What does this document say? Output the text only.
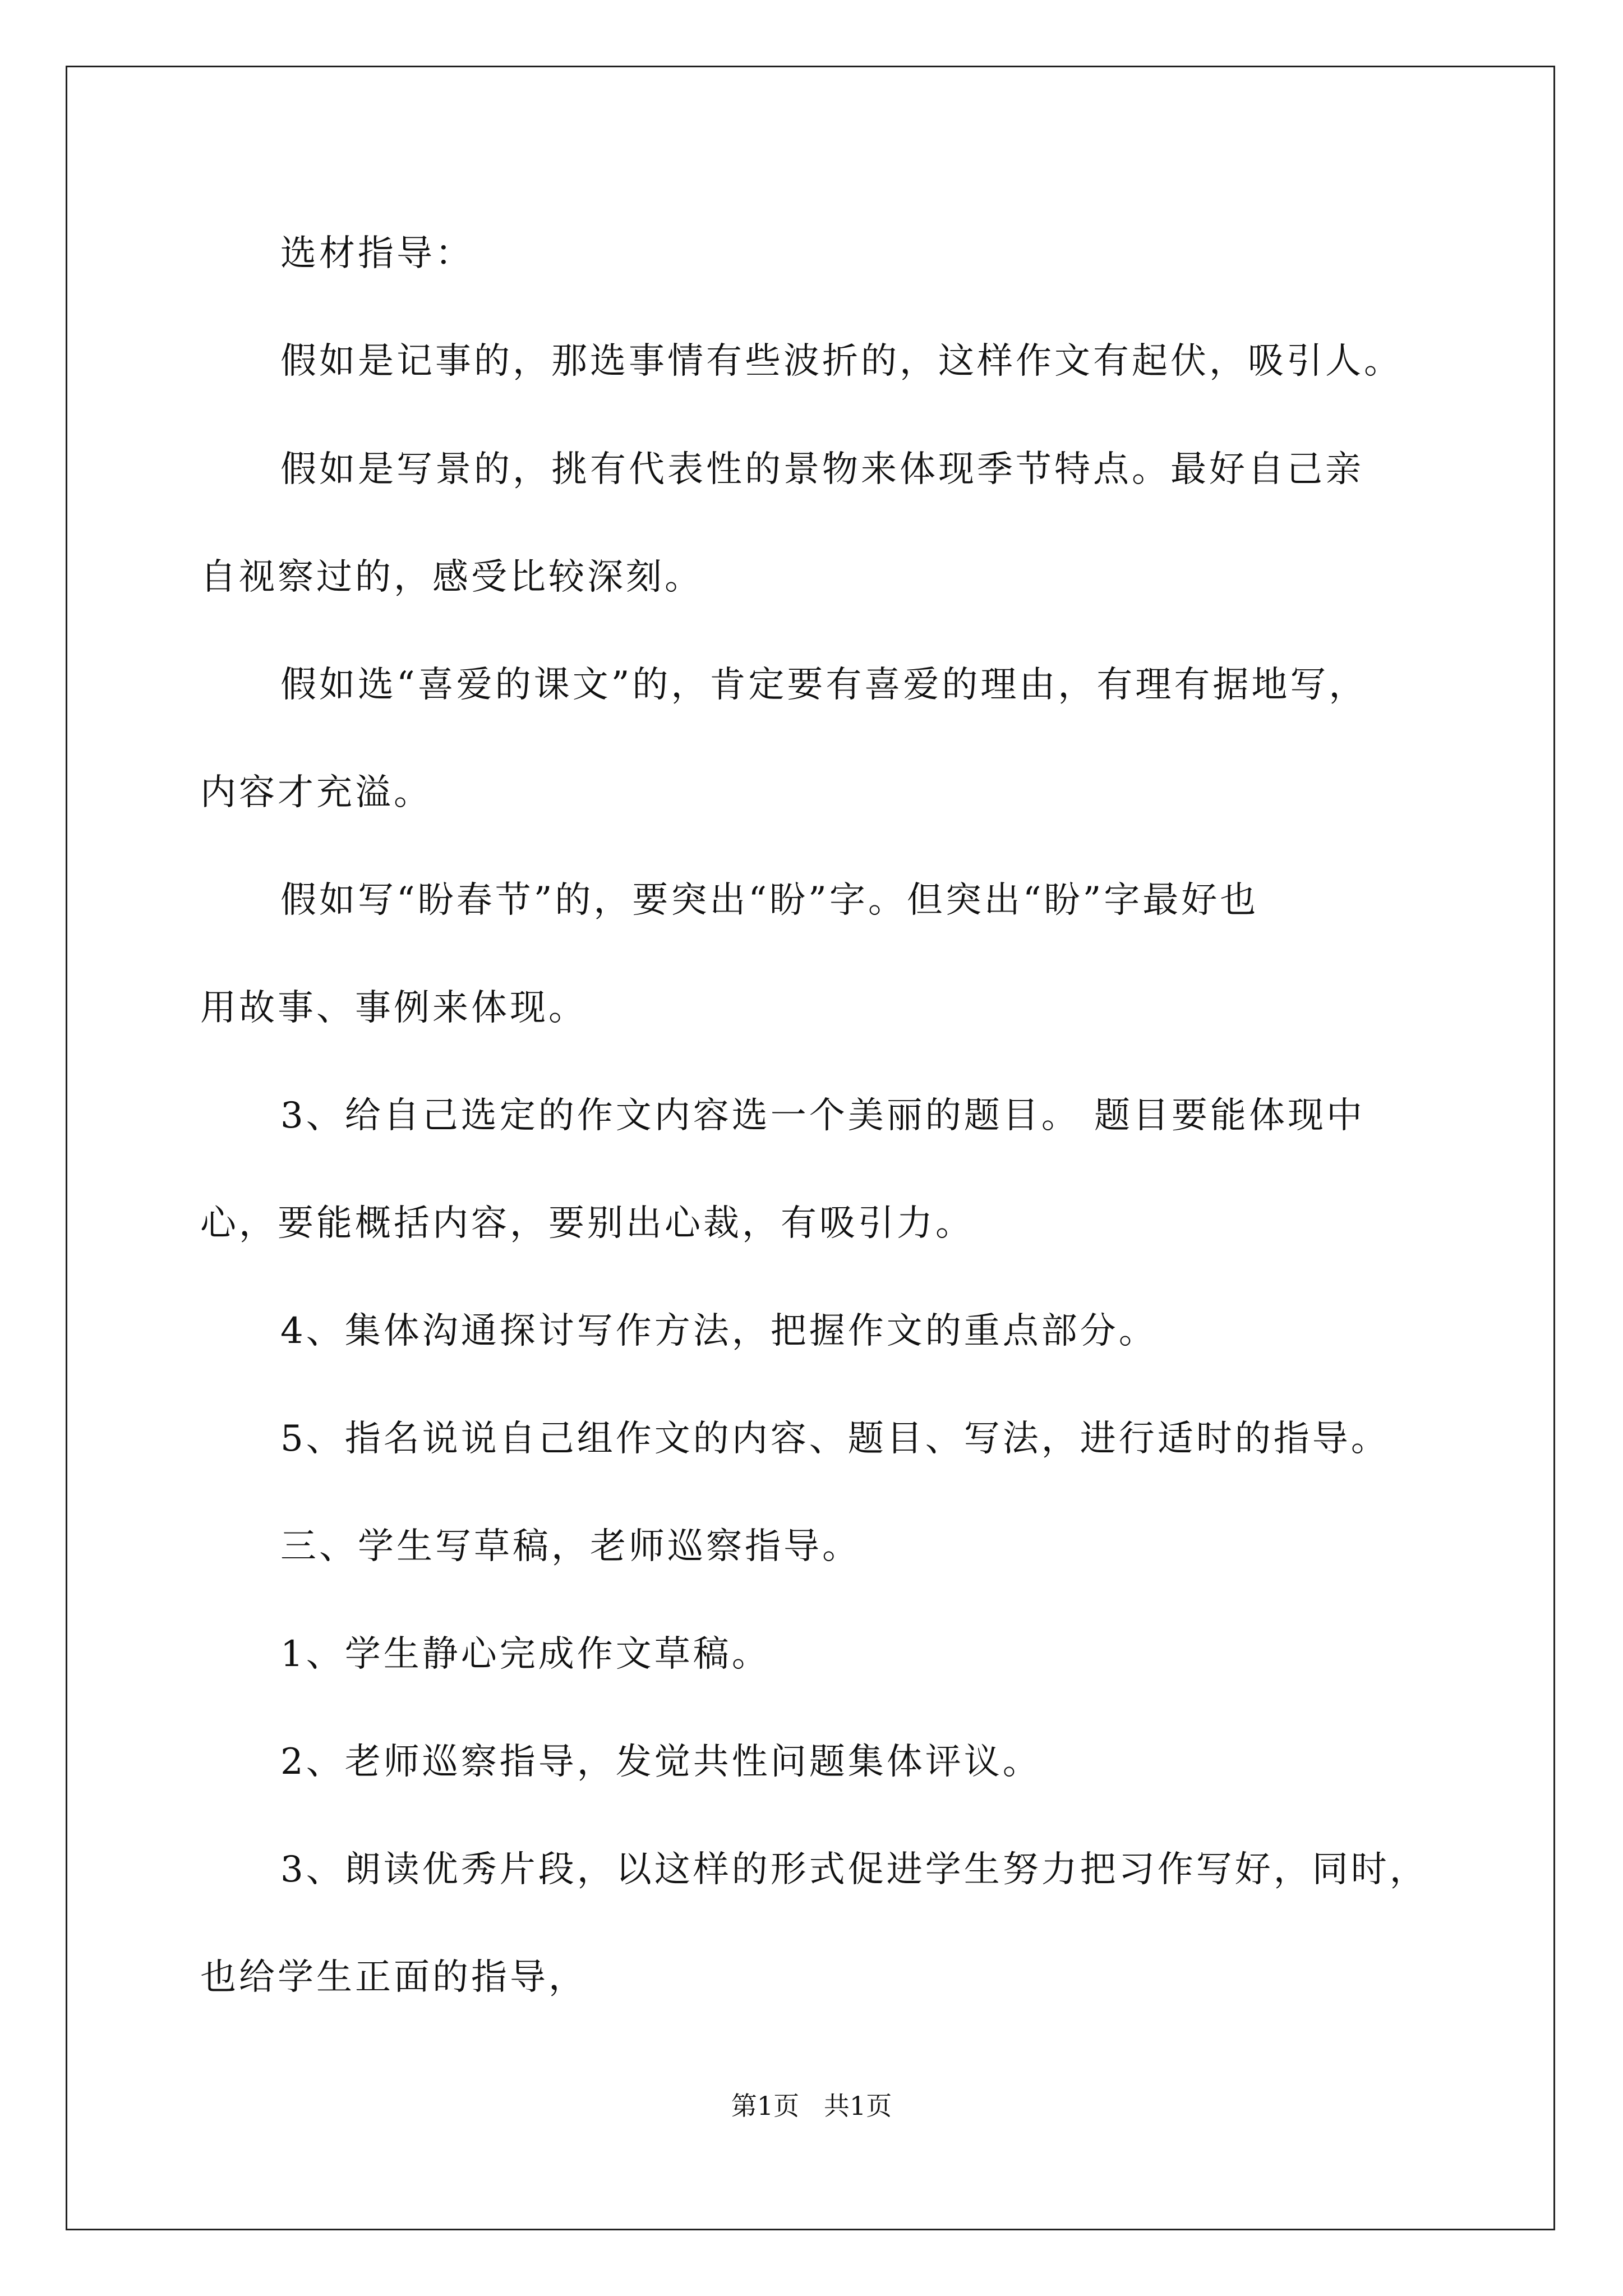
选材指导：
假如是记事的，那选事情有些波折的，这样作文有起伏，吸引人。
假如是写景的，挑有代表性的景物来体现季节特点。最好自己亲
自视察过的，感受比较深刻。
假如选“喜爱的课文”的，肯定要有喜爱的理由，有理有据地写，
内容才充溢。
假如写“盼春节”的，要突出“盼”字。但突出“盼”字最好也
用故事、事例来体现。
3、给自己选定的作文内容选一个美丽的题目。 题目要能体现中
心，要能概括内容，要别出心裁，有吸引力。
4、集体沟通探讨写作方法，把握作文的重点部分。
5、指名说说自己组作文的内容、题目、写法，进行适时的指导。
三、学生写草稿，老师巡察指导。
1、学生静心完成作文草稿。
2、老师巡察指导，发觉共性问题集体评议。
3、朗读优秀片段，以这样的形式促进学生努力把习作写好，同时，
也给学生正面的指导，
第1页   共1页
